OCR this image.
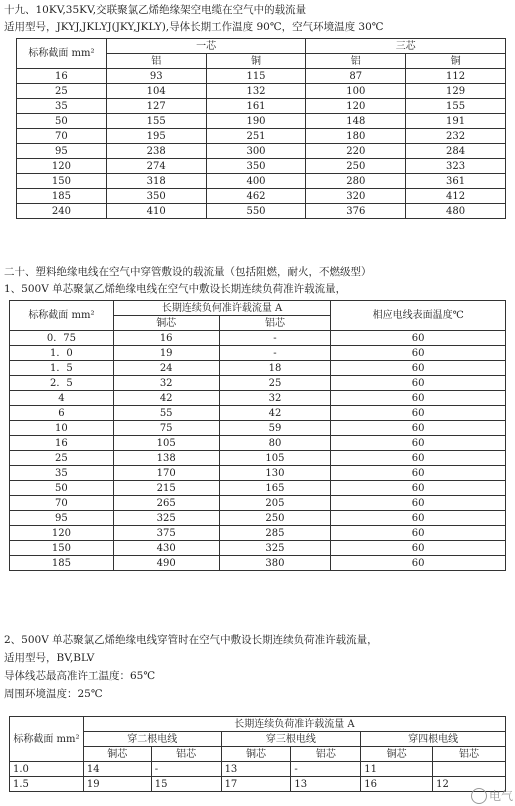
十九、10KV,35KV,交联聚氯乙烯绝缘架空电缆在空气中的载流量
适用型号，JKYJ,JKLYJ(JKY,JKLY),导体长期工作温度 90℃，空气环境温度 30℃
标称截面 mm²	一芯		三芯	
	铝	铜	铝	铜
16	93	115	87	112
25	104	132	100	129
35	127	161	120	155
50	155	190	148	191
70	195	251	180	232
95	238	300	220	284
120	274	350	250	323
150	318	400	280	361
185	350	462	320	412
240	410	550	376	480
二十、塑料绝缘电线在空气中穿管敷设的载流量（包括阻燃，耐火，不燃级型）
1、500V 单芯聚氯乙烯绝缘电线在空气中敷设长期连续负荷准许载流量，
标称截面 mm²	长期连续负何准许载流量 A		相应电线表面温度℃
	铜芯	铝芯	
0．75	16	-	60
1．0	19	-	60
1．5	24	18	60
2．5	32	25	60
4	42	32	60
6	55	42	60
10	75	59	60
16	105	80	60
25	138	105	60
35	170	130	60
50	215	165	60
70	265	205	60
95	325	250	60
120	375	285	60
150	430	325	60
185	490	380	60
2、500V 单芯聚氯乙烯绝缘电线穿管时在空气中敷设长期连续负荷准许载流量，
适用型号，BV,BLV
导体线芯最高准许工温度：65℃
周围环境温度：25℃
标称截面 mm²	长期连续负荷准许载流量 A					
	穿二根电线		穿三根电线		穿四根电线	
	铜芯	铝芯	铜芯	铝芯	铜芯	铝芯
1.0	14	-	13	-	11	
1.5	19	15	17	13	16	12
电气
